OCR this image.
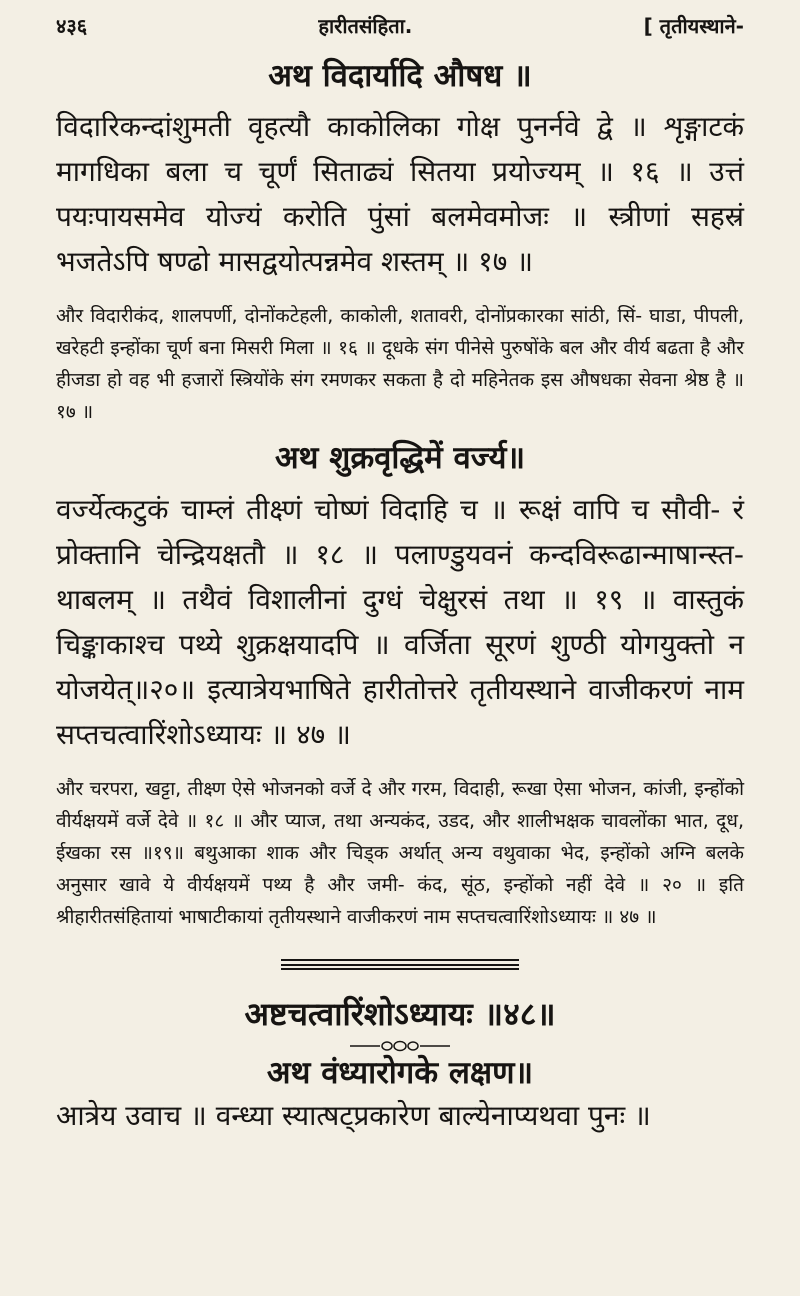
४३६	हारीतसंहिता.	[ तृतीयस्थाने-
अथ विदार्यादि औषध ॥

विदारिकन्दांशुमती वृहत्यौ काकोलिका गोक्ष पुनर्नवे द्वे ॥ शृङ्गाटकं मागधिका बला च चूर्णं सिताढ्यं सितया प्रयोज्यम् ॥ १६ ॥ उत्तं पयःपायसमेव योज्यं करोति पुंसां बलमेवमोजः ॥ स्त्रीणां सहस्रं भजतेऽपि षण्ढो मासद्वयोत्पन्नमेव शस्तम् ॥ १७ ॥

और विदारीकंद, शालपर्णी, दोनोंकटेहली, काकोली, शतावरी, दोनोंप्रकारका सांठी, सिं- घाडा, पीपली, खरेहटी इन्होंका चूर्ण बना मिसरी मिला ॥ १६ ॥ दूधके संग पीनेसे पुरुषोंके बल और वीर्य बढता है और हीजडा हो वह भी हजारों स्त्रियोंके संग रमणकर सकता है दो महिनेतक इस औषधका सेवना श्रेष्ठ है ॥ १७ ॥

अथ शुक्रवृद्धिमें वर्ज्य॥

वर्ज्येत्कटुकं चाम्लं तीक्ष्णं चोष्णं विदाहि च ॥ रूक्षं वापि च सौवी- रं प्रोक्तानि चेन्द्रियक्षतौ ॥ १८ ॥ पलाण्डुयवनं कन्दविरूढान्माषान्स्त- थाबलम् ॥ तथैवं विशालीनां दुग्धं चेक्षुरसं तथा ॥ १९ ॥ वास्तुकं चिङ्काकाश्च पथ्ये शुक्रक्षयादपि ॥ वर्जिता सूरणं शुण्ठी योगयुक्तो न योजयेत्॥२०॥ इत्यात्रेयभाषिते हारीतोत्तरे तृतीयस्थाने वाजीकरणं नाम सप्तचत्वारिंशोऽध्यायः ॥ ४७ ॥

और चरपरा, खट्टा, तीक्ष्ण ऐसे भोजनको वर्जे दे और गरम, विदाही, रूखा ऐसा भोजन, कांजी, इन्होंको वीर्यक्षयमें वर्जे देवे ॥ १८ ॥ और प्याज, तथा अन्यकंद, उडद, और शालीभक्षक चावलोंका भात, दूध, ईखका रस ॥१९॥ बथुआका शाक और चिड्क अर्थात् अन्य वथुवाका भेद, इन्होंको अग्नि बलके अनुसार खावे ये वीर्यक्षयमें पथ्य है और जमी- कंद, सूंठ, इन्होंको नहीं देवे ॥ २० ॥ इति श्रीहारीतसंहितायां भाषाटीकायां तृतीयस्थाने वाजीकरणं नाम सप्तचत्वारिंशोऽध्यायः ॥ ४७ ॥

अष्टचत्वारिंशोऽध्यायः ॥४८॥
अथ वंध्यारोगके लक्षण॥

आत्रेय उवाच ॥ वन्ध्या स्यात्षट्प्रकारेण बाल्येनाप्यथवा पुनः ॥
